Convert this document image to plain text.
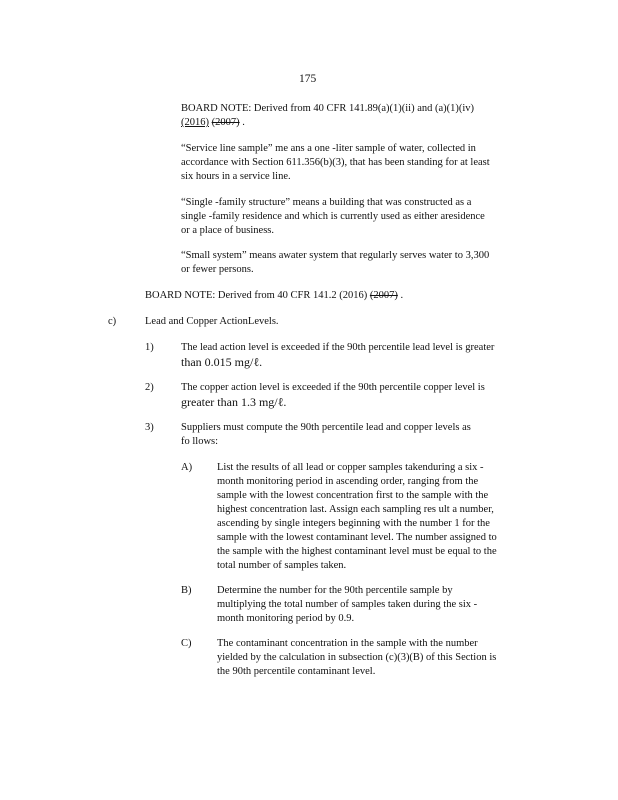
175
BOARD NOTE: Derived from 40 CFR 141.89(a)(1)(ii) and (a)(1)(iv)
(2016) (2007) .
“Service line sample” me ans a one -liter sample of water, collected in
accordance with Section 611.356(b)(3), that has been standing for at least
six hours in a service line.
“Single -family structure” means a building that was constructed as a
single -family residence and which is currently used as either aresidence
or a place of business.
“Small system” means awater system that regularly serves water to 3,300
or fewer persons.
BOARD NOTE: Derived from 40 CFR 141.2 (2016) (2007) .
c)	Lead and Copper ActionLevels.
1)	The lead action level is exceeded if the 90th percentile lead level is greater
than 0.015 mg/ℓ.
2)	The copper action level is exceeded if the 90th percentile copper level is
greater than 1.3 mg/ℓ.
3)	Suppliers must compute the 90th percentile lead and copper levels as
fo llows:
A) List the results of all lead or copper samples takenduring a six -
month monitoring period in ascending order, ranging from the
sample with the lowest concentration first to the sample with the
highest concentration last. Assign each sampling res ult a number,
ascending by single integers beginning with the number 1 for the
sample with the lowest contaminant level. The number assigned to
the sample with the highest contaminant level must be equal to the
total number of samples taken.
B) Determine the number for the 90th percentile sample by
multiplying the total number of samples taken during the six -
month monitoring period by 0.9.
C) The contaminant concentration in the sample with the number
yielded by the calculation in subsection (c)(3)(B) of this Section is
the 90th percentile contaminant level.
